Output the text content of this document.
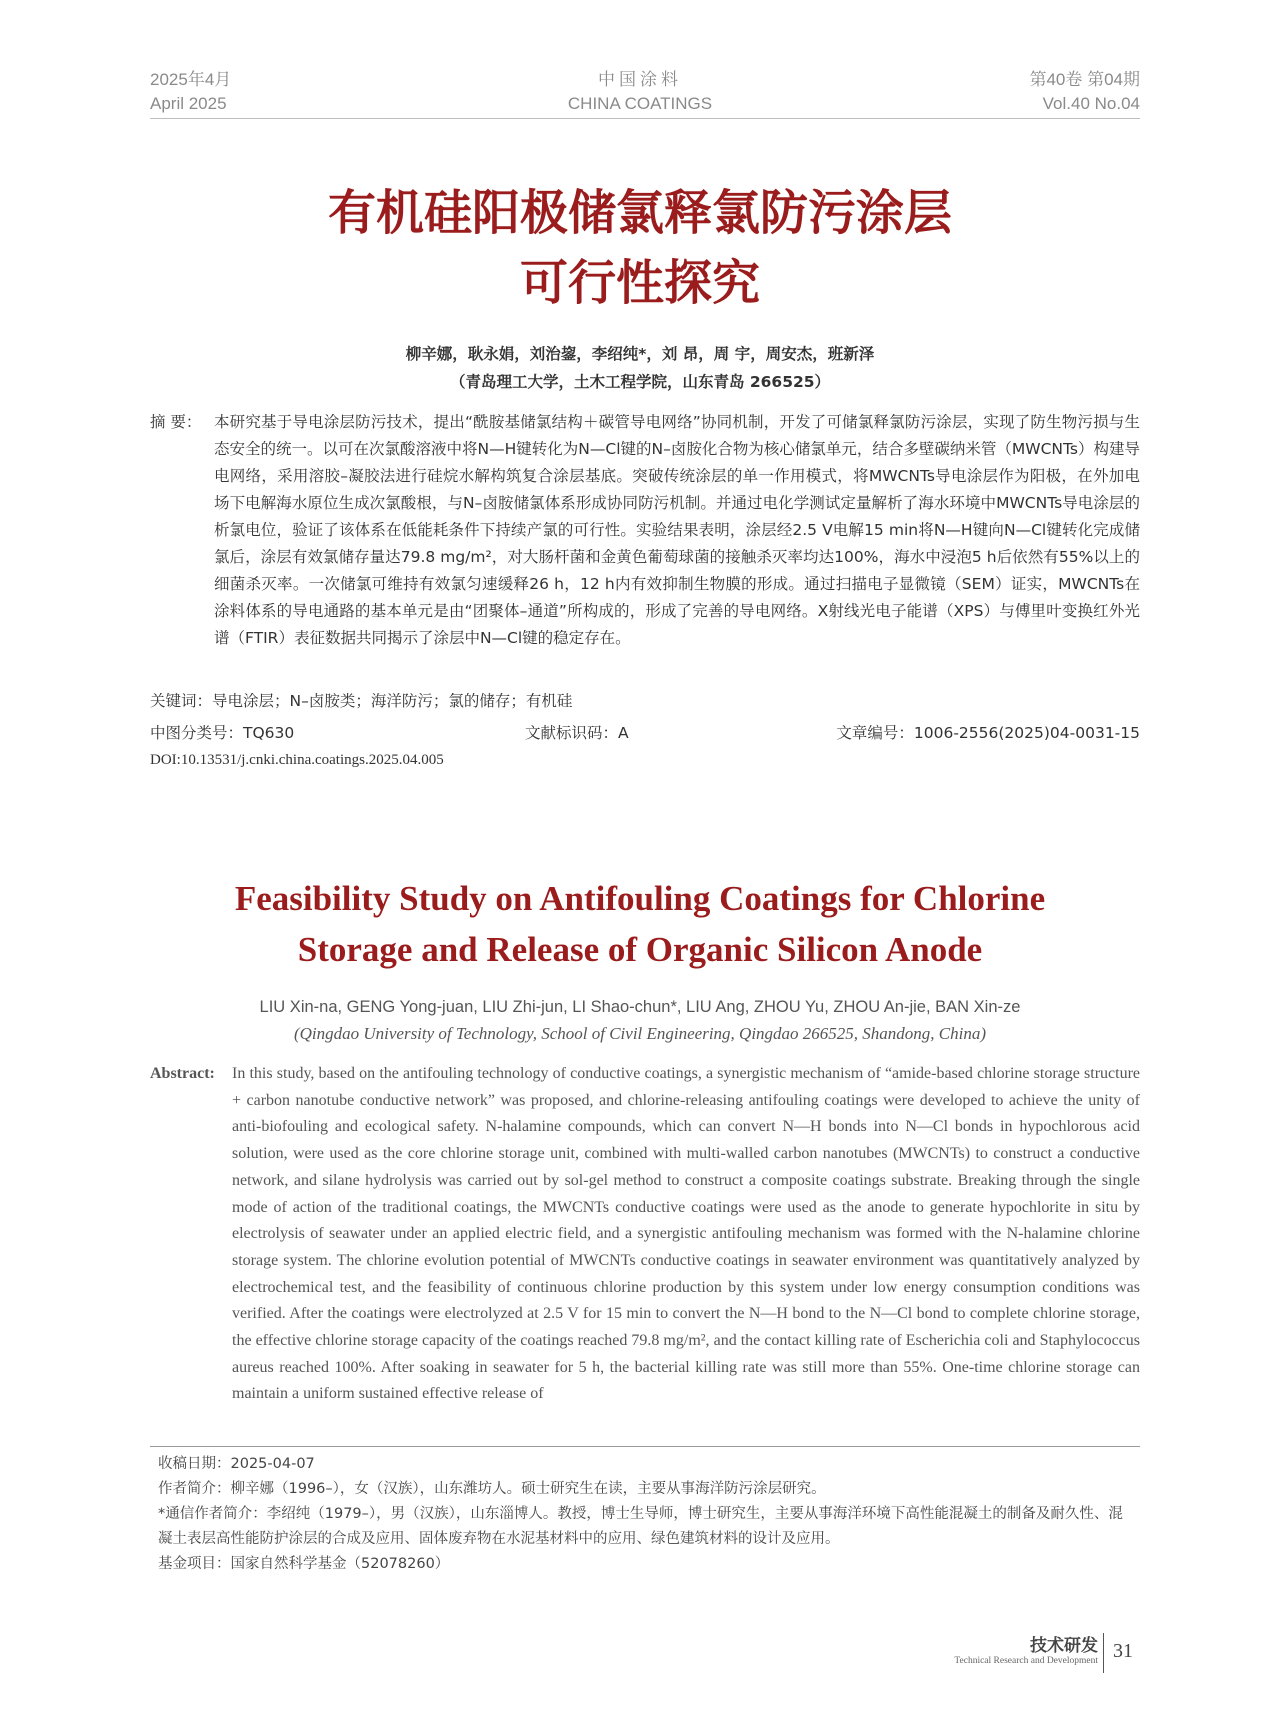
2025年4月
April 2025
中国涂料
CHINA COATINGS
第40卷 第04期
Vol.40 No.04
有机硅阳极储氯释氯防污涂层
可行性探究
柳辛娜，耿永娟，刘治鋆，李绍纯*，刘 昂，周 宇，周安杰，班新泽
（青岛理工大学，土木工程学院，山东青岛 266525）
摘 要： 本研究基于导电涂层防污技术，提出“酰胺基储氯结构＋碳管导电网络”协同机制，开发了可储氯释氯防污涂层，实现了防生物污损与生态安全的统一。以可在次氯酸溶液中将N—H键转化为N—Cl键的N–卤胺化合物为核心储氯单元，结合多壁碳纳米管（MWCNTs）构建导电网络，采用溶胶–凝胶法进行硅烷水解构筑复合涂层基底。突破传统涂层的单一作用模式，将MWCNTs导电涂层作为阳极，在外加电场下电解海水原位生成次氯酸根，与N–卤胺储氯体系形成协同防污机制。并通过电化学测试定量解析了海水环境中MWCNTs导电涂层的析氯电位，验证了该体系在低能耗条件下持续产氯的可行性。实验结果表明，涂层经2.5 V电解15 min将N—H键向N—Cl键转化完成储氯后，涂层有效氯储存量达79.8 mg/m²，对大肠杆菌和金黄色葡萄球菌的接触杀灭率均达100%，海水中浸泡5 h后依然有55%以上的细菌杀灭率。一次储氯可维持有效氯匀速缓释26 h，12 h内有效抑制生物膜的形成。通过扫描电子显微镜（SEM）证实，MWCNTs在涂料体系的导电通路的基本单元是由“团聚体–通道”所构成的，形成了完善的导电网络。X射线光电子能谱（XPS）与傅里叶变换红外光谱（FTIR）表征数据共同揭示了涂层中N—Cl键的稳定存在。
关键词：导电涂层；N–卤胺类；海洋防污；氯的储存；有机硅
中图分类号：TQ630	文献标识码：A	文章编号：1006-2556(2025)04-0031-15
DOI:10.13531/j.cnki.china.coatings.2025.04.005
Feasibility Study on Antifouling Coatings for Chlorine
Storage and Release of Organic Silicon Anode
LIU Xin-na, GENG Yong-juan, LIU Zhi-jun, LI Shao-chun*, LIU Ang, ZHOU Yu, ZHOU An-jie, BAN Xin-ze
(Qingdao University of Technology, School of Civil Engineering, Qingdao 266525, Shandong, China)
Abstract: In this study, based on the antifouling technology of conductive coatings, a synergistic mechanism of “amide-based chlorine storage structure + carbon nanotube conductive network” was proposed, and chlorine-releasing antifouling coatings were developed to achieve the unity of anti-biofouling and ecological safety. N-halamine compounds, which can convert N—H bonds into N—Cl bonds in hypochlorous acid solution, were used as the core chlorine storage unit, combined with multi-walled carbon nanotubes (MWCNTs) to construct a conductive network, and silane hydrolysis was carried out by sol-gel method to construct a composite coatings substrate. Breaking through the single mode of action of the traditional coatings, the MWCNTs conductive coatings were used as the anode to generate hypochlorite in situ by electrolysis of seawater under an applied electric field, and a synergistic antifouling mechanism was formed with the N-halamine chlorine storage system. The chlorine evolution potential of MWCNTs conductive coatings in seawater environment was quantitatively analyzed by electrochemical test, and the feasibility of continuous chlorine production by this system under low energy consumption conditions was verified. After the coatings were electrolyzed at 2.5 V for 15 min to convert the N—H bond to the N—Cl bond to complete chlorine storage, the effective chlorine storage capacity of the coatings reached 79.8 mg/m², and the contact killing rate of Escherichia coli and Staphylococcus aureus reached 100%. After soaking in seawater for 5 h, the bacterial killing rate was still more than 55%. One-time chlorine storage can maintain a uniform sustained effective release of
收稿日期：2025-04-07
作者简介：柳辛娜（1996–），女（汉族），山东潍坊人。硕士研究生在读，主要从事海洋防污涂层研究。
*通信作者简介：李绍纯（1979–），男（汉族），山东淄博人。教授，博士生导师，博士研究生，主要从事海洋环境下高性能混凝土的制备及耐久性、混凝土表层高性能防护涂层的合成及应用、固体废弃物在水泥基材料中的应用、绿色建筑材料的设计及应用。
基金项目：国家自然科学基金（52078260）
技术研发
Technical Research and Development 31
